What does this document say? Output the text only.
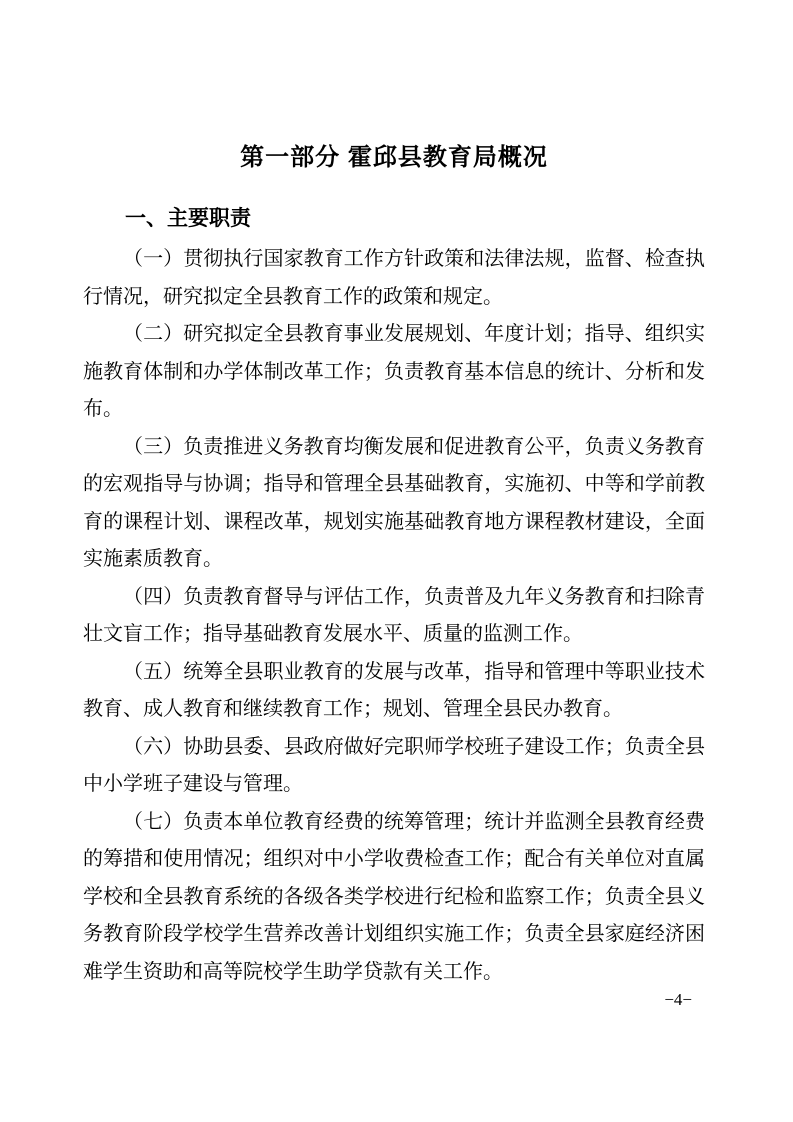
第一部分 霍邱县教育局概况
一、主要职责

（一）贯彻执行国家教育工作方针政策和法律法规，监督、检查执行情况，研究拟定全县教育工作的政策和规定。

（二）研究拟定全县教育事业发展规划、年度计划；指导、组织实施教育体制和办学体制改革工作；负责教育基本信息的统计、分析和发布。

（三）负责推进义务教育均衡发展和促进教育公平，负责义务教育的宏观指导与协调；指导和管理全县基础教育，实施初、中等和学前教育的课程计划、课程改革，规划实施基础教育地方课程教材建设，全面实施素质教育。

（四）负责教育督导与评估工作，负责普及九年义务教育和扫除青壮文盲工作；指导基础教育发展水平、质量的监测工作。

（五）统筹全县职业教育的发展与改革，指导和管理中等职业技术教育、成人教育和继续教育工作；规划、管理全县民办教育。

（六）协助县委、县政府做好完职师学校班子建设工作；负责全县中小学班子建设与管理。

（七）负责本单位教育经费的统筹管理；统计并监测全县教育经费的筹措和使用情况；组织对中小学收费检查工作；配合有关单位对直属学校和全县教育系统的各级各类学校进行纪检和监察工作；负责全县义务教育阶段学校学生营养改善计划组织实施工作；负责全县家庭经济困难学生资助和高等院校学生助学贷款有关工作。

−4−
